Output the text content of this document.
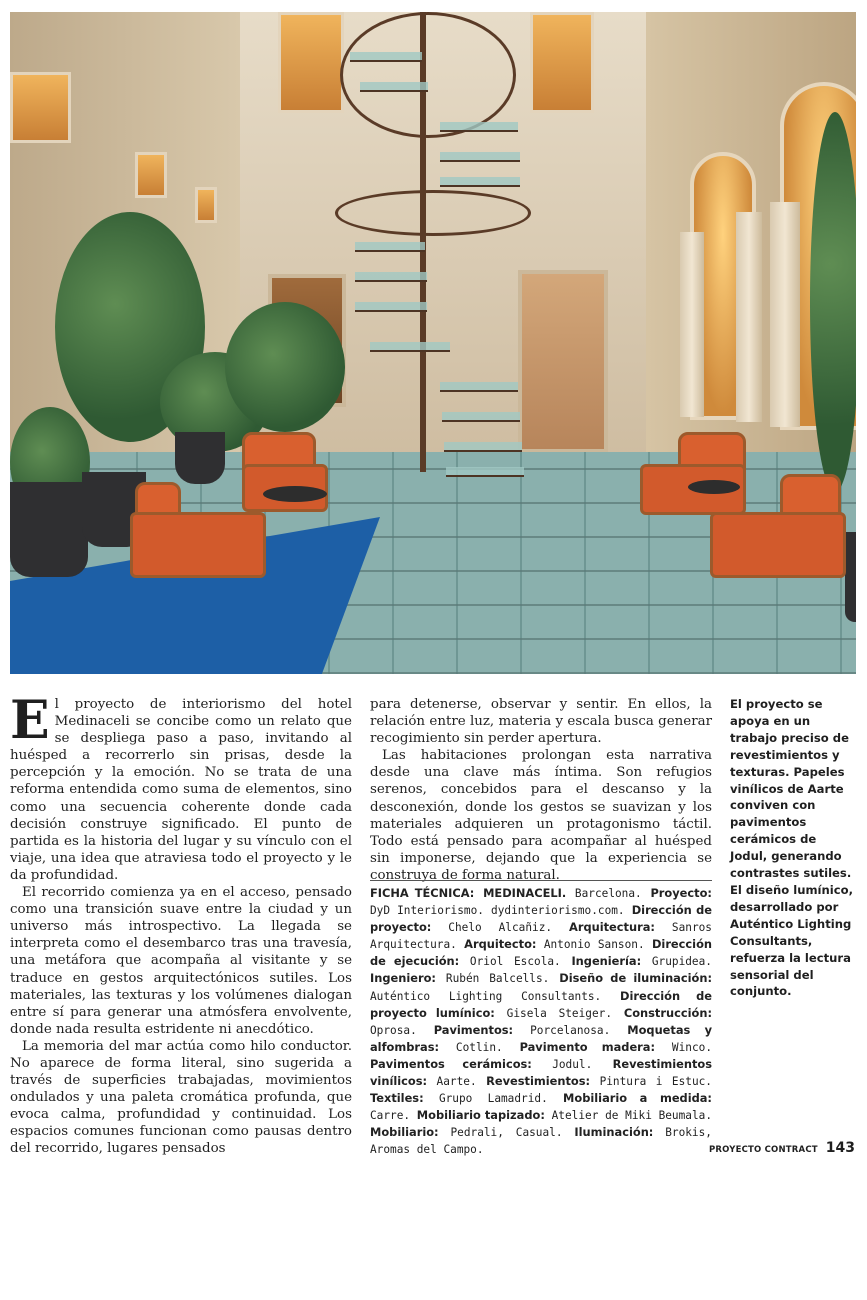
El proyecto de interiorismo del hotel Medinaceli se concibe como un relato que se despliega paso a paso, invitando al huésped a recorrerlo sin prisas, desde la percepción y la emoción. No se trata de una reforma entendida como suma de elementos, sino como una secuencia coherente donde cada decisión construye significado. El punto de partida es la historia del lugar y su vínculo con el viaje, una idea que atraviesa todo el proyecto y le da profundidad.

El recorrido comienza ya en el acceso, pensado como una transición suave entre la ciudad y un universo más introspectivo. La llegada se interpreta como el desembarco tras una travesía, una metáfora que acompaña al visitante y se traduce en gestos arquitectónicos sutiles. Los materiales, las texturas y los volúmenes dialogan entre sí para generar una atmósfera envolvente, donde nada resulta estridente ni anecdótico.

La memoria del mar actúa como hilo conductor. No aparece de forma literal, sino sugerida a través de superficies trabajadas, movimientos ondulados y una paleta cromática profunda, que evoca calma, profundidad y continuidad. Los espacios comunes funcionan como pausas dentro del recorrido, lugares pensados

para detenerse, observar y sentir. En ellos, la relación entre luz, materia y escala busca generar recogimiento sin perder apertura.

Las habitaciones prolongan esta narrativa desde una clave más íntima. Son refugios serenos, concebidos para el descanso y la desconexión, donde los gestos se suavizan y los materiales adquieren un protagonismo táctil. Todo está pensado para acompañar al huésped sin imponerse, dejando que la experiencia se construya de forma natural.

FICHA TÉCNICA: MEDINACELI. Barcelona. Proyecto: DyD Interiorismo. dydinteriorismo.com. Dirección de proyecto: Chelo Alcañiz. Arquitectura: Sanros Arquitectura. Arquitecto: Antonio Sanson. Dirección de ejecución: Oriol Escola. Ingeniería: Grupidea. Ingeniero: Rubén Balcells. Diseño de iluminación: Auténtico Lighting Consultants. Dirección de proyecto lumínico: Gisela Steiger. Construcción: Oprosa. Pavimentos: Porcelanosa. Moquetas y alfombras: Cotlin. Pavimento madera: Winco. Pavimentos cerámicos: Jodul. Revestimientos vinílicos: Aarte. Revestimientos: Pintura i Estuc. Textiles: Grupo Lamadrid. Mobiliario a medida: Carre. Mobiliario tapizado: Atelier de Miki Beumala. Mobiliario: Pedrali, Casual. Iluminación: Brokis, Aromas del Campo.
El proyecto se apoya en un trabajo preciso de revestimientos y texturas. Papeles vinílicos de Aarte conviven con pavimentos cerámicos de Jodul, generando contrastes sutiles. El diseño lumínico, desarrollado por Auténtico Lighting Consultants, refuerza la lectura sensorial del conjunto.
PROYECTO CONTRACT 143
